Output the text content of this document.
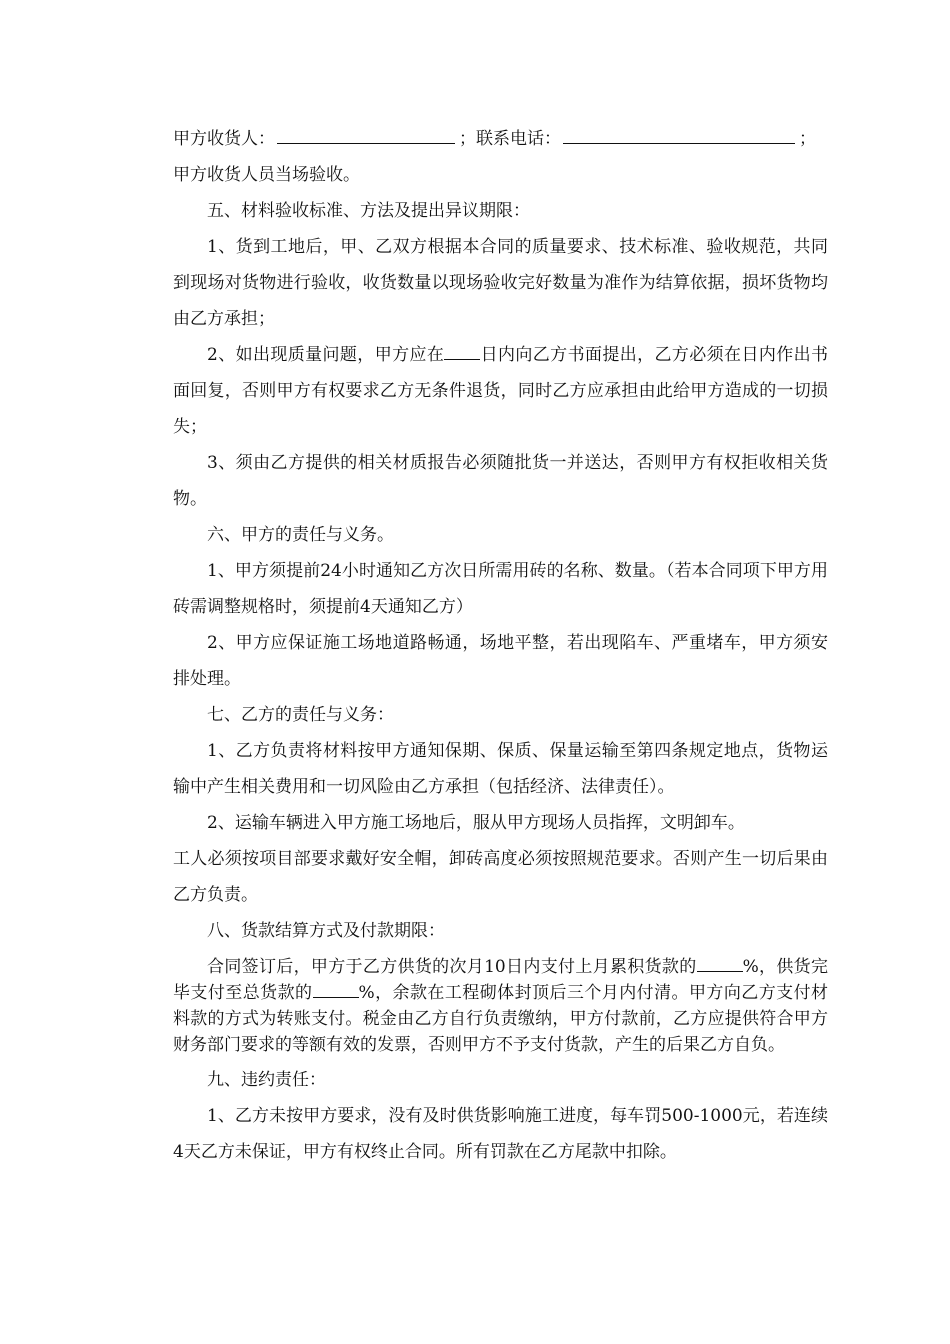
甲方收货人：	；联系电话：	；

甲方收货人员当场验收。

五、材料验收标准、方法及提出异议期限：

1、货到工地后，甲、乙双方根据本合同的质量要求、技术标准、验收规范，共同到现场对货物进行验收，收货数量以现场验收完好数量为准作为结算依据，损坏货物均由乙方承担；

2、如出现质量问题，甲方应在 日内向乙方书面提出，乙方必须在日内作出书面回复，否则甲方有权要求乙方无条件退货，同时乙方应承担由此给甲方造成的一切损失；

3、须由乙方提供的相关材质报告必须随批货一并送达，否则甲方有权拒收相关货物。

六、甲方的责任与义务。

1、甲方须提前24小时通知乙方次日所需用砖的名称、数量。（若本合同项下甲方用砖需调整规格时，须提前4天通知乙方）

2、甲方应保证施工场地道路畅通，场地平整，若出现陷车、严重堵车，甲方须安排处理。

七、乙方的责任与义务：

1、乙方负责将材料按甲方通知保期、保质、保量运输至第四条规定地点，货物运输中产生相关费用和一切风险由乙方承担（包括经济、法律责任）。

2、运输车辆进入甲方施工场地后，服从甲方现场人员指挥，文明卸车。

工人必须按项目部要求戴好安全帽，卸砖高度必须按照规范要求。否则产生一切后果由乙方负责。

八、货款结算方式及付款期限：

合同签订后，甲方于乙方供货的次月10日内支付上月累积货款的	%，供货完毕支付至总货款的	%，余款在工程砌体封顶后三个月内付清。甲方向乙方支付材料款的方式为转账支付。税金由乙方自行负责缴纳，甲方付款前，乙方应提供符合甲方财务部门要求的等额有效的发票，否则甲方不予支付货款，产生的后果乙方自负。

九、违约责任：

1、乙方未按甲方要求，没有及时供货影响施工进度，每车罚500-1000元，若连续4天乙方未保证，甲方有权终止合同。所有罚款在乙方尾款中扣除。
